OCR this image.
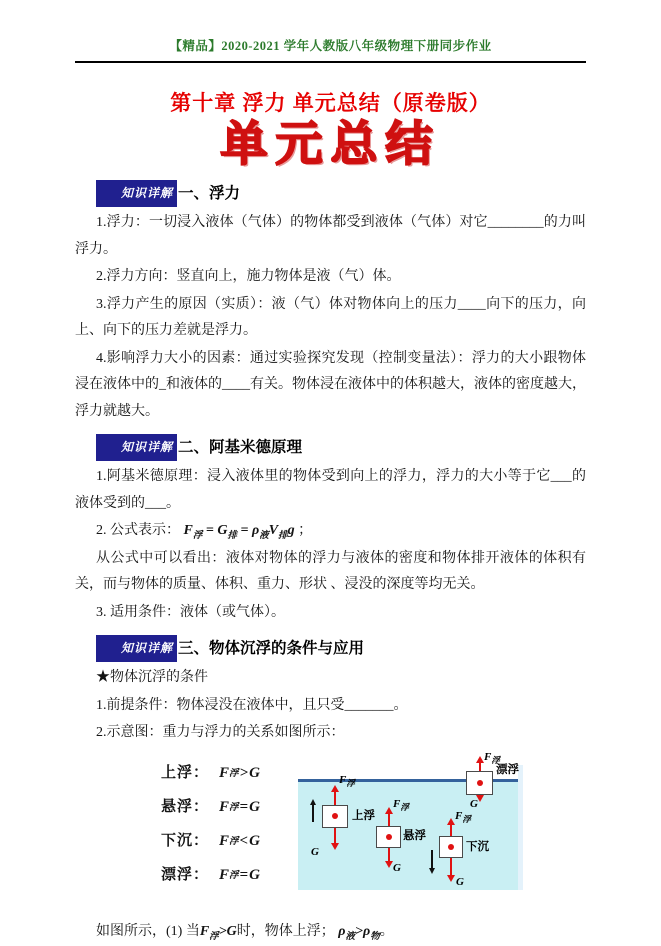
【精品】2020-2021 学年人教版八年级物理下册同步作业
第十章 浮力 单元总结（原卷版）
单元总结
知识详解 一、浮力

1.浮力：一切浸入液体（气体）的物体都受到液体（气体）对它________的力叫浮力。

2.浮力方向：竖直向上，施力物体是液（气）体。

3.浮力产生的原因（实质）：液（气）体对物体向上的压力____向下的压力，向上、向下的压力差就是浮力。

4.影响浮力大小的因素：通过实验探究发现（控制变量法）：浮力的大小跟物体浸在液体中的_和液体的____有关。物体浸在液体中的体积越大，液体的密度越大，浮力就越大。

知识详解 二、阿基米德原理

1.阿基米德原理：浸入液体里的物体受到向上的浮力，浮力的大小等于它___的液体受到的___。

2. 公式表示： $F_浮 = G_排 = \rho_液V_排g$ ；

从公式中可以看出：液体对物体的浮力与液体的密度和物体排开液体的体积有关，而与物体的质量、体积、重力、形状 、浸没的深度等均无关。

3. 适用条件：液体（或气体）。

知识详解 三、物体沉浮的条件与应用

★物体沉浮的条件

1.前提条件：物体浸没在液体中，且只受_______。

2.示意图：重力与浮力的关系如图所示：

上浮： F 浮 > G
悬浮： F 浮 = G
下沉： F 浮 < G
漂浮： F 浮 = G
$F_浮$
G
上浮
$F_浮$
G
悬浮
$F_浮$
G
下沉
$F_浮$
G
漂浮

如图所示，(1) 当$F_浮>G$时，物体上浮； $\rho_液>\rho_物$。
